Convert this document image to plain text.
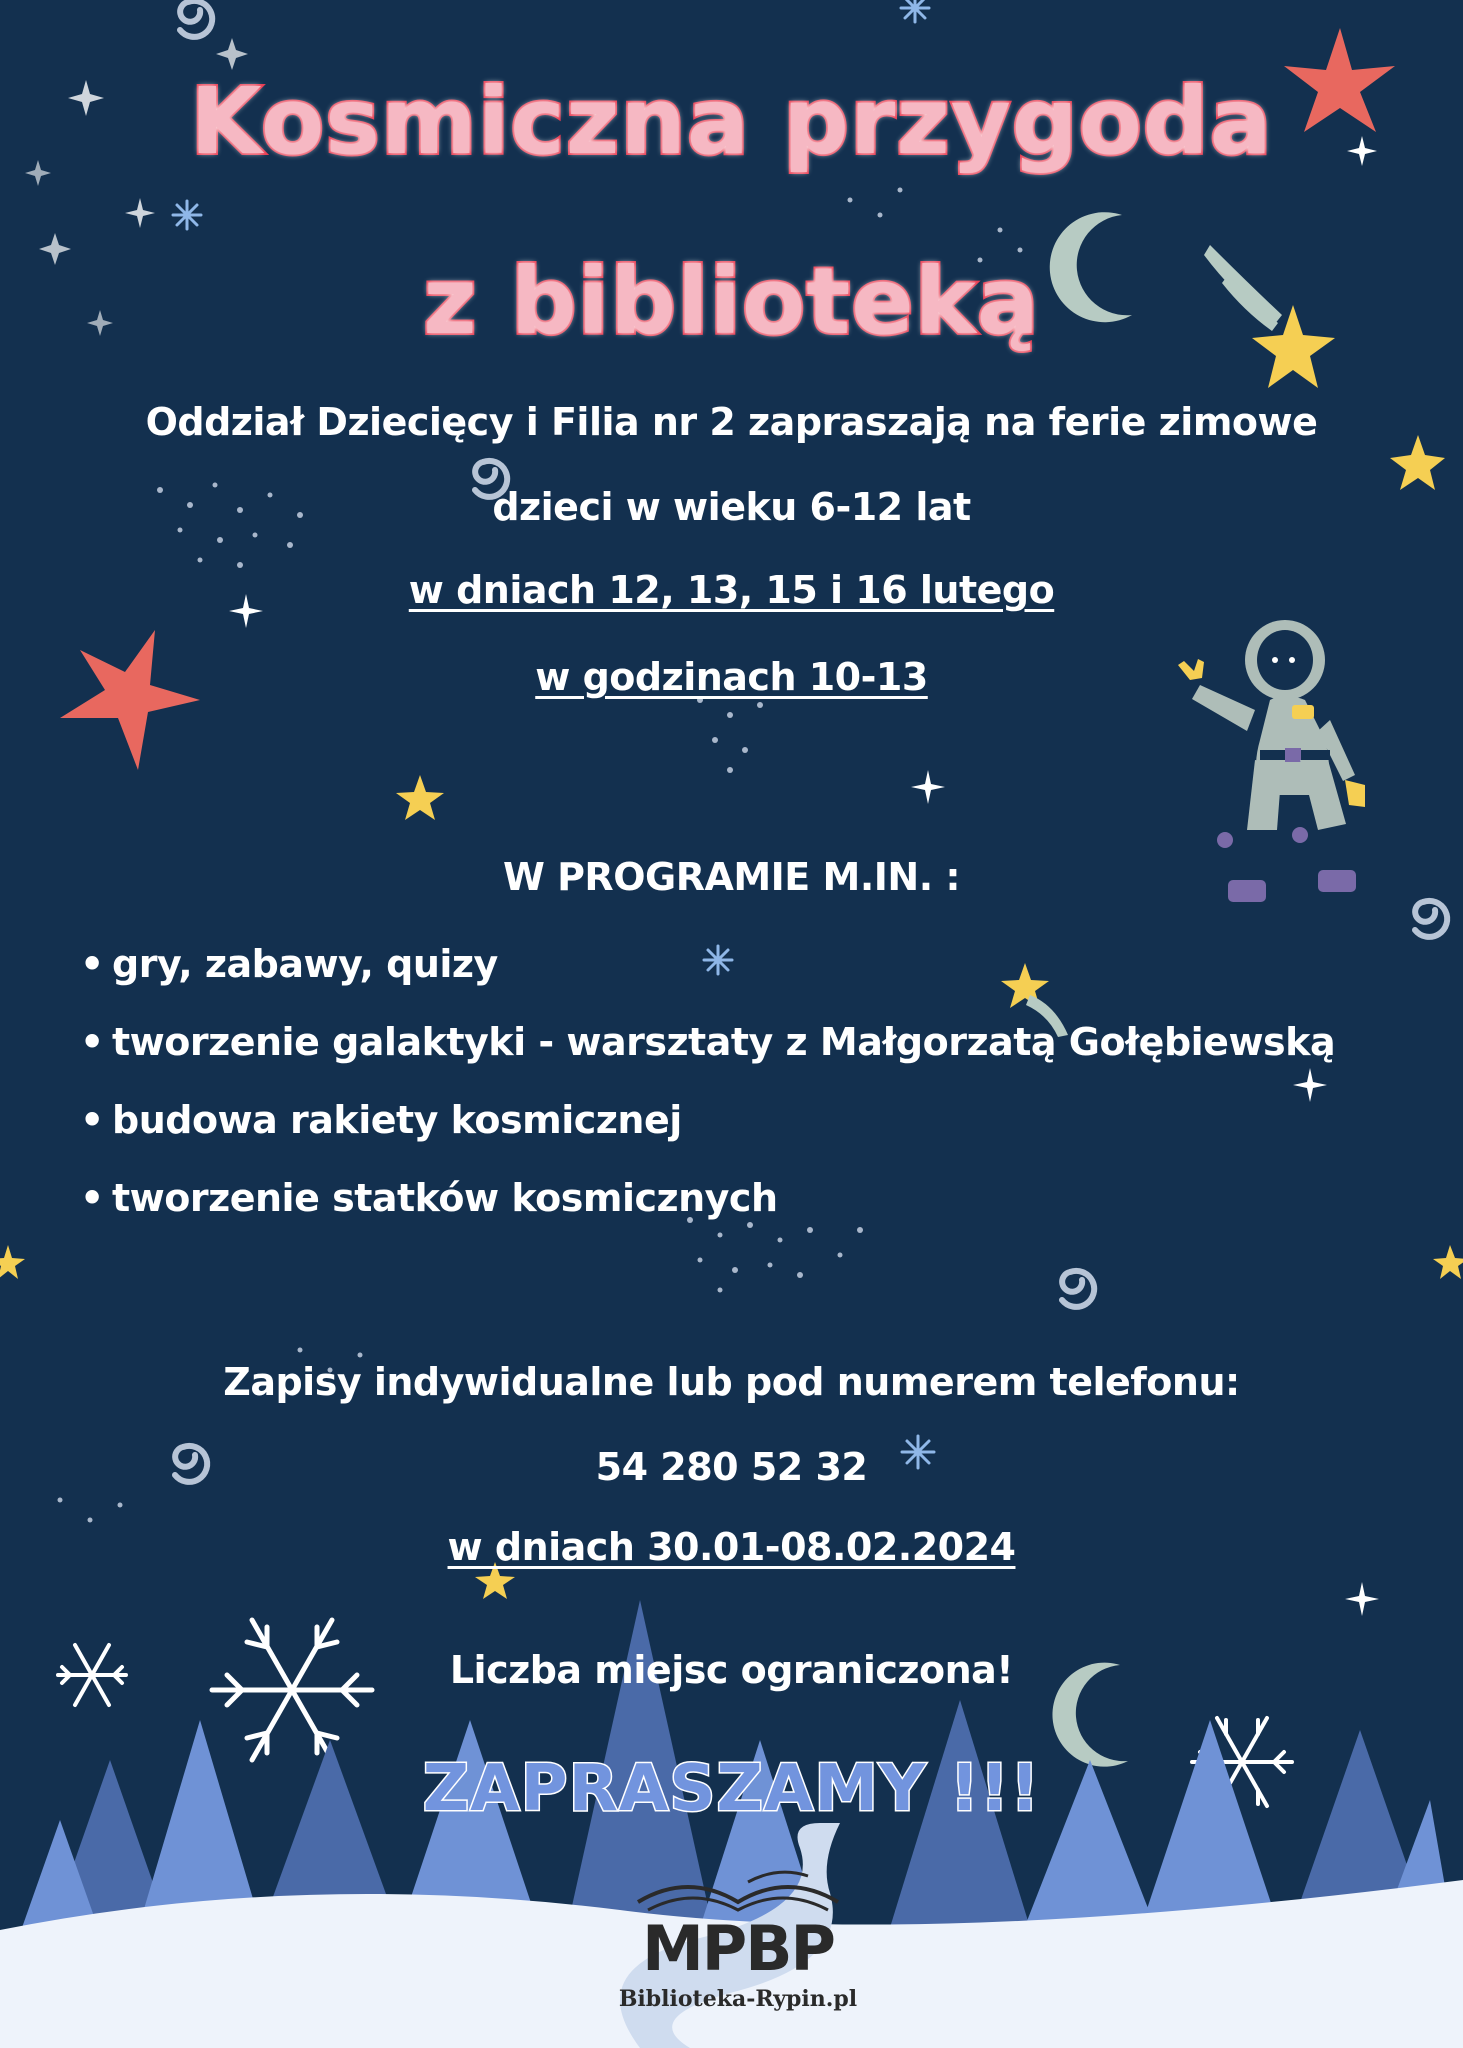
Kosmiczna przygoda
z biblioteką

Oddział Dziecięcy i Filia nr 2 zapraszają na ferie zimowe

dzieci w wieku 6-12 lat

w dniach 12, 13, 15 i 16 lutego

w godzinach 10-13

W PROGRAMIE M.IN. :

• gry, zabawy, quizy
• tworzenie galaktyki - warsztaty z Małgorzatą Gołębiewską
• budowa rakiety kosmicznej
• tworzenie statków kosmicznych

Zapisy indywidualne lub pod numerem telefonu:

54 280 52 32

w dniach 30.01-08.02.2024

Liczba miejsc ograniczona!

ZAPRASZAMY !!!

MPBP
Biblioteka-Rypin.pl
